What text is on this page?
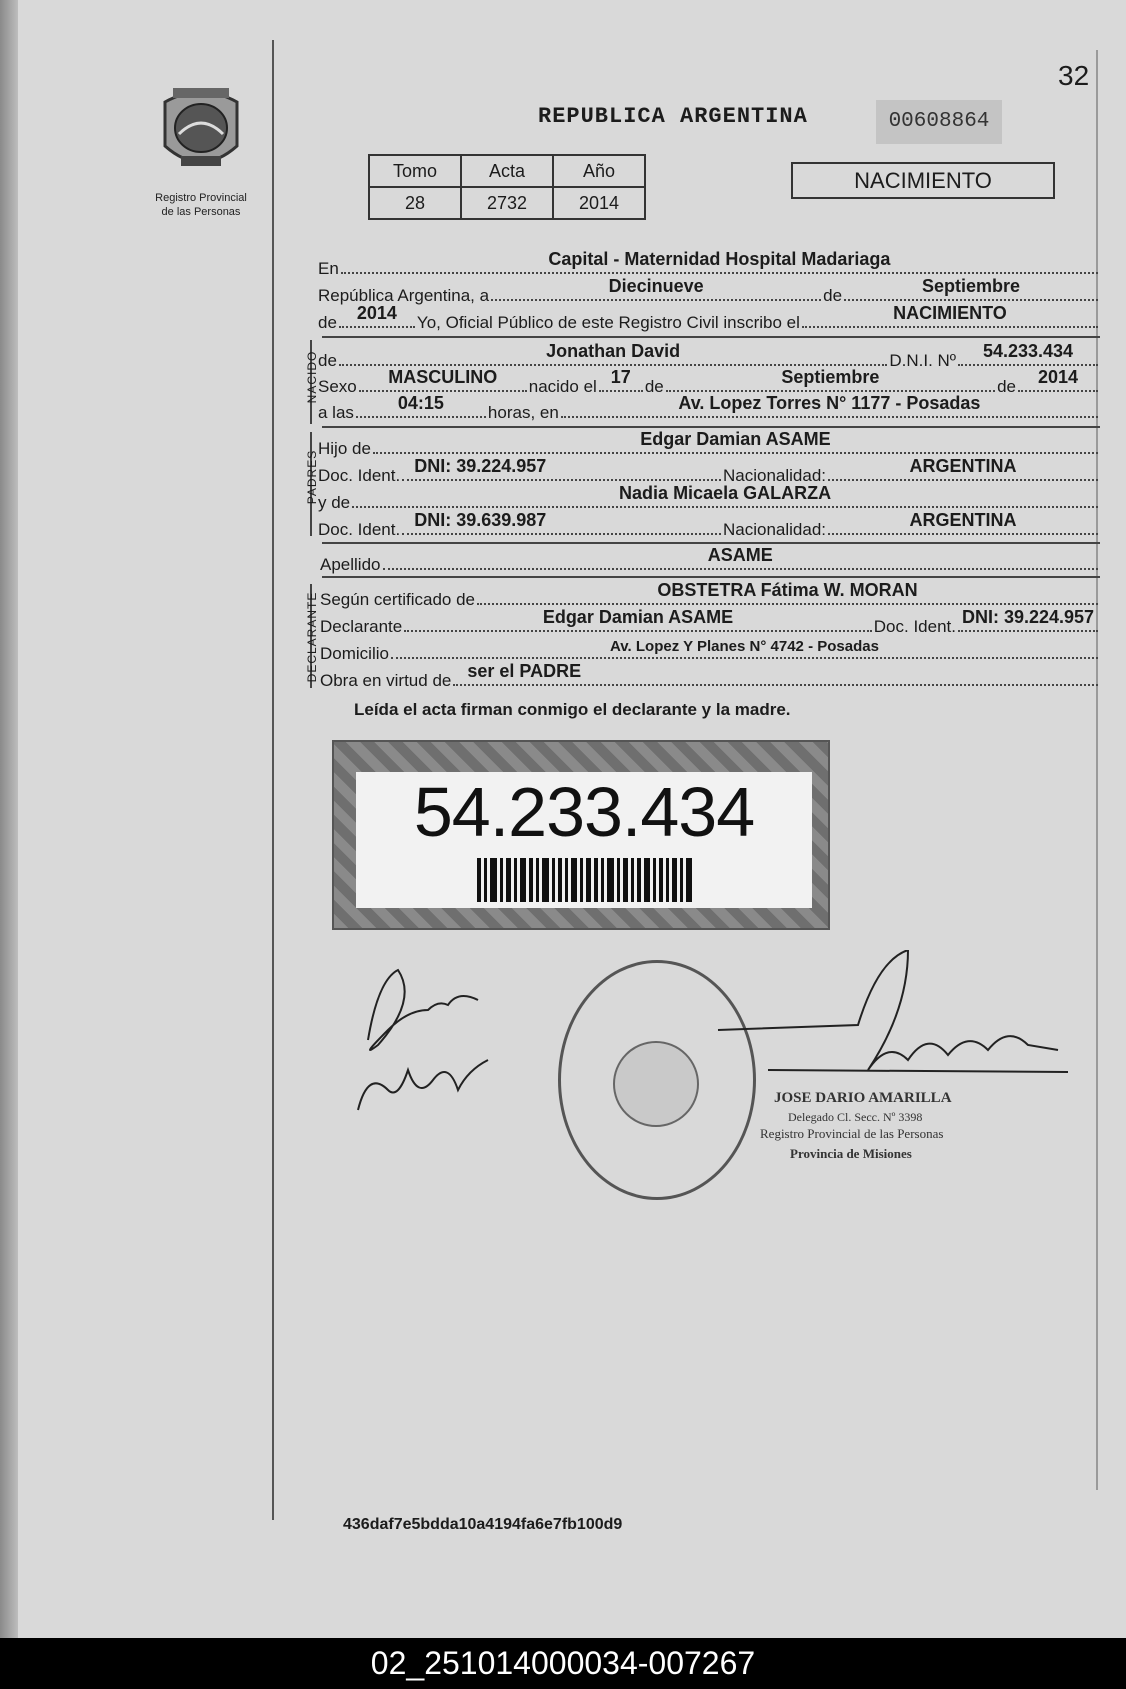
32
Registro Provincial
de las Personas
REPUBLICA ARGENTINA	00608864
Tomo	Acta	Año
28	2732	2014
NACIMIENTO
En	Capital - Maternidad Hospital Madariaga
República Argentina, a	Diecinueve	de	Septiembre
de	2014	Yo, Oficial Público de este Registro Civil inscribo el	NACIMIENTO
NACIDO de	Jonathan David	D.N.I. Nº	54.233.434
Sexo	MASCULINO	nacido el 17 de	Septiembre	de	2014
a las	04:15	horas, en	Av. Lopez Torres N° 1177 - Posadas
PADRES
Hijo de	Edgar Damian ASAME
Doc. Ident. DNI: 39.224.957	Nacionalidad:	ARGENTINA
y de	Nadia Micaela GALARZA
Doc. Ident. DNI: 39.639.987	Nacionalidad:	ARGENTINA
Apellido	ASAME
DECLARANTE Según certificado de	OBSTETRA Fátima W. MORAN
Declarante	Edgar Damian ASAME	Doc. Ident. DNI: 39.224.957
Domicilio	Av. Lopez Y Planes N° 4742 - Posadas
Obra en virtud de ser el PADRE
Leída el acta firman conmigo el declarante y la madre.
54.233.434
JOSE DARIO AMARILLA
Delegado Cl. Secc. Nº 3398
Registro Provincial de las Personas
Provincia de Misiones
436daf7e5bdda10a4194fa6e7fb100d9
02_251014000034-007267
